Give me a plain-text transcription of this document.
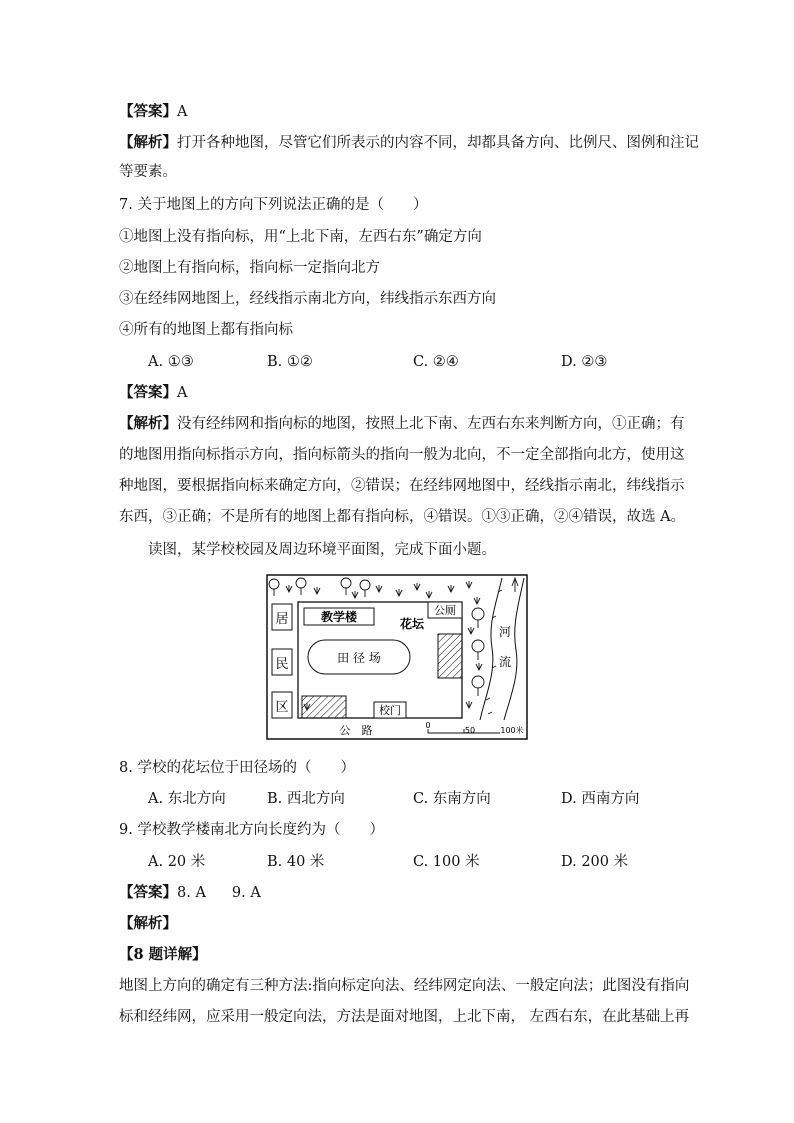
【答案】A
【解析】打开各种地图，尽管它们所表示的内容不同，却都具备方向、比例尺、图例和注记
等要素。
7. 关于地图上的方向下列说法正确的是（　　）
①地图上没有指向标，用“上北下南，左西右东”确定方向
②地图上有指向标，指向标一定指向北方
③在经纬网地图上，经线指示南北方向，纬线指示东西方向
④所有的地图上都有指向标
A. ①③	B. ①②	C. ②④	D. ②③
【答案】A
【解析】没有经纬网和指向标的地图，按照上北下南、左西右东来判断方向，①正确；有
的地图用指向标指示方向，指向标箭头的指向一般为北向，不一定全部指向北方，使用这
种地图，要根据指向标来确定方向，②错误；在经纬网地图中，经线指示南北，纬线指示
东西，③正确；不是所有的地图上都有指向标，④错误。①③正确，②④错误，故选 A。
读图，某学校校园及周边环境平面图，完成下面小题。
居
民
区
教学楼	花坛
公厕
田 径 场
校门
公　路	0
50	100米
河
流
8. 学校的花坛位于田径场的（　　）
A. 东北方向	B. 西北方向	C. 东南方向	D. 西南方向
9. 学校教学楼南北方向长度约为（　　）
A. 20 米	B. 40 米	C. 100 米	D. 200 米
【答案】8. A 9. A
【解析】
【8 题详解】
地图上方向的确定有三种方法:指向标定向法、经纬网定向法、一般定向法；此图没有指向
标和经纬网，应采用一般定向法，方法是面对地图，上北下南， 左西右东，在此基础上再
